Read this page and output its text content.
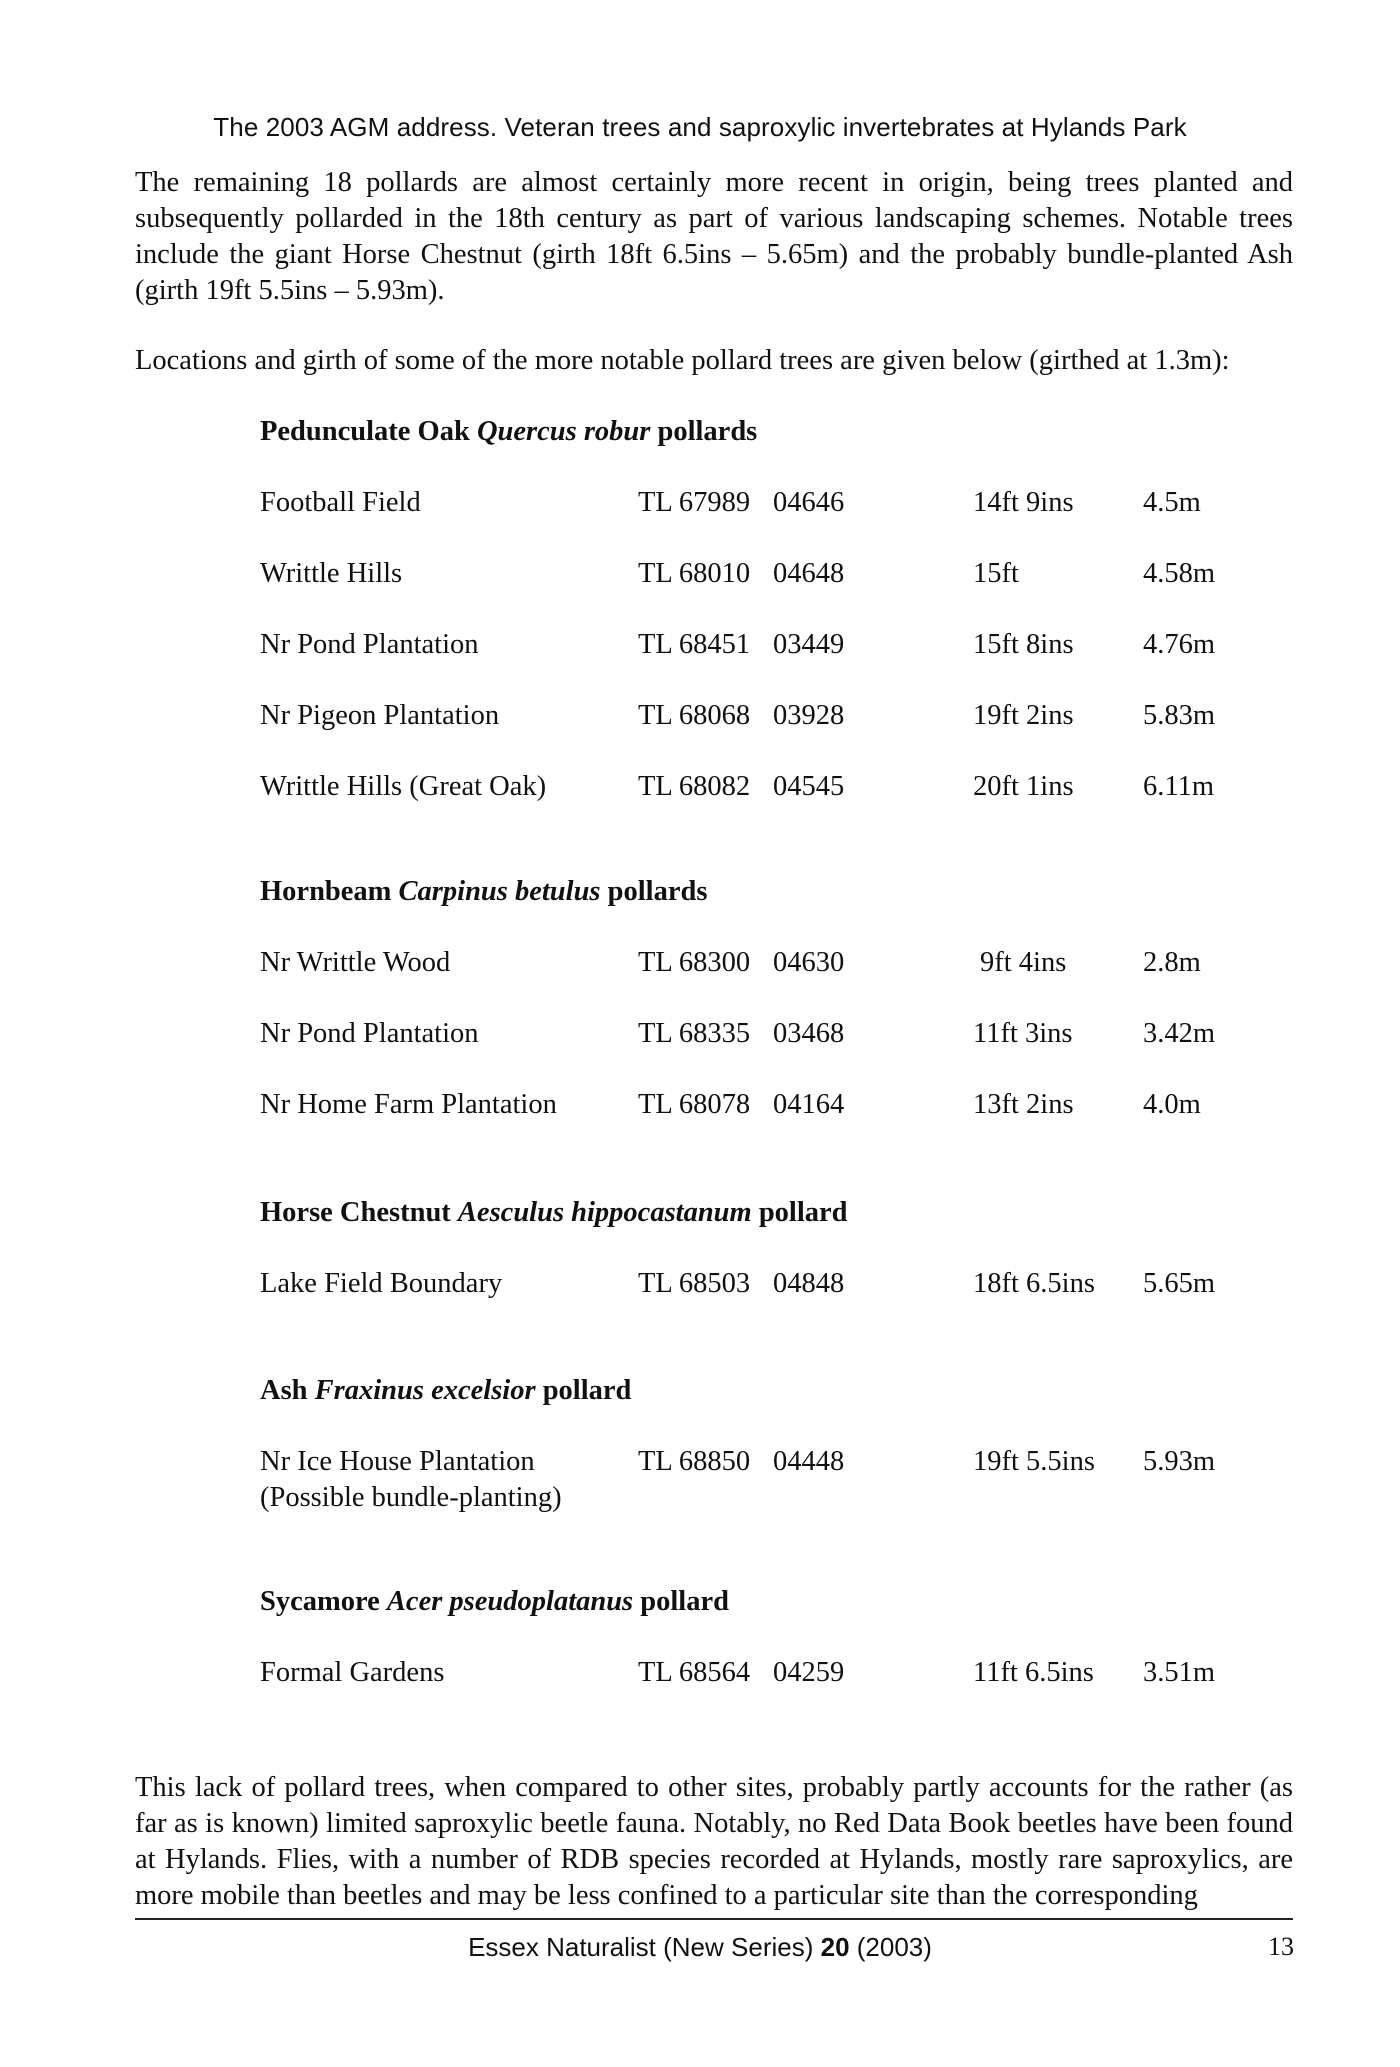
The 2003 AGM address. Veteran trees and saproxylic invertebrates at Hylands Park

The remaining 18 pollards are almost certainly more recent in origin, being trees planted and subsequently pollarded in the 18th century as part of various landscaping schemes. Notable trees include the giant Horse Chestnut (girth 18ft 6.5ins – 5.65m) and the probably bundle-planted Ash (girth 19ft 5.5ins – 5.93m).

Locations and girth of some of the more notable pollard trees are given below (girthed at 1.3m):

Pedunculate Oak Quercus robur pollards
Football Field	TL 67989 04646	14ft 9ins 4.5m
Writtle Hills	TL 68010 04648	15ft	4.58m
Nr Pond Plantation	TL 68451 03449	15ft 8ins 4.76m
Nr Pigeon Plantation	TL 68068 03928	19ft 2ins 5.83m
Writtle Hills (Great Oak)	TL 68082 04545	20ft 1ins 6.11m
Hornbeam Carpinus betulus pollards
Nr Writtle Wood	TL 68300 04630	9ft 4ins	2.8m
Nr Pond Plantation	TL 68335 03468	11ft 3ins 3.42m
Nr Home Farm Plantation	TL 68078 04164	13ft 2ins 4.0m
Horse Chestnut Aesculus hippocastanum pollard
Lake Field Boundary	TL 68503 04848	18ft 6.5ins 5.65m
Ash Fraxinus excelsior pollard
Nr Ice House Plantation
(Possible bundle-planting)
TL 68850 04448	19ft 5.5ins 5.93m
Sycamore Acer pseudoplatanus pollard
Formal Gardens	TL 68564 04259	11ft 6.5ins 3.51m

This lack of pollard trees, when compared to other sites, probably partly accounts for the rather (as far as is known) limited saproxylic beetle fauna. Notably, no Red Data Book beetles have been found at Hylands. Flies, with a number of RDB species recorded at Hylands, mostly rare saproxylics, are more mobile than beetles and may be less confined to a particular site than the corresponding

Essex Naturalist (New Series) 20 (2003)	13
